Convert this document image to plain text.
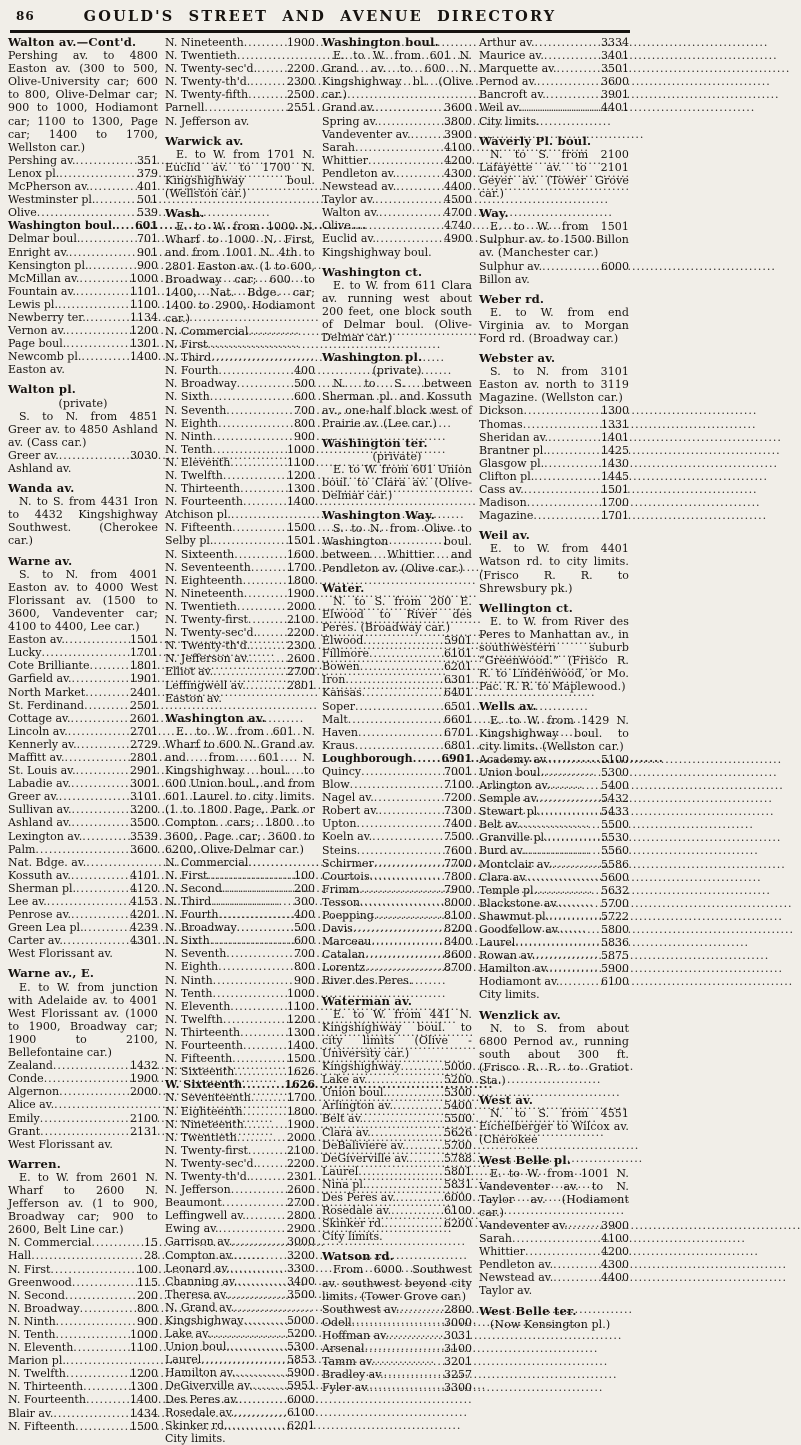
86	GOULD'S STREET AND AVENUE DIRECTORY
Walton av.—Cont'd.
Pershing av. to 4800 Easton av. (300 to 500, Olive-University car; 600 to 800, Olive-Delmar car; 900 to 1000, Hodiamont car; 1100 to 1300, Page car; 1400 to 1700, Wellston car.)
Pershing av. .....	351
Lenox pl. .....	379
McPherson av. .....	401
Westminster pl. .....	501
Olive .....	539
Washington boul. ..... 601
Delmar boul. .....	701
Enright av. .....	901
Kensington pl. .....	900
McMillan av. .....	1000
Fountain av. .....	1101
Lewis pl. .....	1100
Newberry ter. .....	1134
Vernon av. .....	1200
Page boul. .....	1301
Newcomb pl. .....	1400
Easton av.
Walton pl.
(private)
S. to N. from 4851 Greer av. to 4850 Ashland av. (Cass car.)
Greer av. .....	3030
Ashland av.
Wanda av.
N. to S. from 4431 Iron to 4432 Kingshighway Southwest. (Cherokee car.)
Warne av.
S. to N. from 4001 Easton av. to 4000 West Florissant av. (1500 to 3600, Vandeventer car; 4100 to 4400, Lee car.)
Easton av. .....	1501
Lucky .....	1701
Cote Brilliante .....	1801
Garfield av. .....	1901
North Market .....	2401
St. Ferdinand .....	2501
Cottage av. .....	2601
Lincoln av. .....	2701
Kennerly av. .....	2729
Maffitt av. .....	2801
St. Louis av. .....	2901
Labadie av. .....	3001
Greer av. .....	3101
Sullivan av. .....	3200
Ashland av. .....	3500
Lexington av. .....	3539
Palm .....	3600
Nat. Bdge. av.
.....
Kossuth av. .....	4101
Sherman pl. .....	4120
Lee av. .....	4153
Penrose av. .....	4201
Green Lea pl. .....	4239
Carter av. .....	4301
West Florissant av.
Warne av., E.
E. to W. from junction with Adelaide av. to 4001 West Florissant av. (1000 to 1900, Broadway car; 1900 to 2100, Bellefontaine car.)
Zealand .....	1432
Conde .....	1900
Algernon .....	2000
Alice av.
.....
Emily .....	2100
Grant .....	2131
West Florissant av.
Warren.
E. to W. from 2601 N. Wharf to 2600 N. Jefferson av. (1 to 900, Broadway car; 900 to 2600, Belt Line car.)
N. Commercial .....	15
Hall .....	28
N. First .....	100
Greenwood .....	115
N. Second .....	200
N. Broadway .....	800
N. Ninth .....	900
N. Tenth .....	1000
N. Eleventh .....	1100
Marion pl.
.....
N. Twelfth .....	1200
N. Thirteenth .....	1300
N. Fourteenth .....	1400
Blair av. .....	1434
N. Fifteenth .....	1500
N. Nineteenth .....	1900
N. Twentieth
.....
N. Twenty-sec'd. .....	2200
N. Twenty-th'd. .....	2300
N. Twenty-fifth .....	2500
Parnell .....	2551
N. Jefferson av.
Warwick av.
E. to W. from 1701 N. Euclid av. to 1700 N. Kingshighway boul. (Wellston car.)
Wash.
E. to W. from 1000 N. Wharf to 1000 N. First, and from 1001 N. 4th to 2801 Easton av. (1 to 600, Broadway car; 600 to 1400, Nat. Bdge. car; 1400 to 2900, Hodiamont car.)
N. Commercial
.....
N. First
.....
N. Third
.....
N. Fourth .....	400
N. Broadway .....	500
N. Sixth .....	600
N. Seventh .....	700
N. Eighth .....	800
N. Ninth .....	900
N. Tenth .....	1000
N. Eleventh .....	1100
N. Twelfth .....	1200
N. Thirteenth .....	1300
N. Fourteenth .....	1400
Atchison pl.
.....
N. Fifteenth .....	1500
Selby pl. .....	1501
N. Sixteenth .....	1600
N. Seventeenth .....	1700
N. Eighteenth .....	1800
N. Nineteenth .....	1900
N. Twentieth .....	2000
N. Twenty-first .....	2100
N. Twenty-sec'd. .....	2200
N. Twenty-th'd. .....	2300
N. Jefferson av. .....	2600
Elliot av. .....	2700
Leffingwell av. .....	2801
Easton av.
Washington av.
E. to W. from 601 N. Wharf to 600 N. Grand av. and from 601 N. Kingshighway boul. to 600 Union boul., and from 601 Laurel to city limits. (1 to 1800 Page, Park or Compton cars; 1800 to 3600, Page car; 3600 to 6200, Olive-Delmar car.)
N. Commercial
.....
N. First .....	100
N. Second .....	200
N. Third .....	300
N. Fourth .....	400
N. Broadway .....	500
N. Sixth .....	600
N. Seventh .....	700
N. Eighth .....	800
N. Ninth .....	900
N. Tenth .....	1000
N. Eleventh .....	1100
N. Twelfth .....	1200
N. Thirteenth .....	1300
N. Fourteenth .....	1400
N. Fifteenth .....	1500
N. Sixteenth .....	1626
W. Sixteenth .....	1626
N. Seventeenth .....	1700
N. Eighteenth .....	1800
N. Nineteenth .....	1900
N. Twentieth .....	2000
N. Twenty-first .....	2100
N. Twenty-sec'd. .....	2200
N. Twenty-th'd. .....	2301
N. Jefferson .....	2600
Beaumont .....	2700
Leffingwell av. .....	2800
Ewing av. .....	2900
Garrison av. .....	3000
Compton av. .....	3200
Leonard av. .....	3300
Channing av. .....	3400
Theresa av. .....	3500
N. Grand av.
.....
Kingshighway .....	5000
Lake av. .....	5200
Union boul. .....	5300
Laurel .....	5853
Hamilton av. .....	5900
DeGiverville av. .....	5951
Des Peres av. .....	6000
Rosedale av. .....	6100
Skinker rd. .....	6201
City limits.
Washington boul.
E. to W. from 601 N. Grand av. to 600 N. Kingshighway bl. (Olive car.)
Grand av. .....	3600
Spring av. .....	3800
Vandeventer av. .....	3900
Sarah .....	4100
Whittier .....	4200
Pendleton av. .....	4300
Newstead av. .....	4400
Taylor av. .....	4500
Walton av. .....	4700
Olive .....	4740
Euclid av. .....	4900
Kingshighway boul.
Washington ct.
E. to W. from 611 Clara av. running west about 200 feet, one block south of Delmar boul. (Olive-Delmar car.)
Washington pl.
(private)
N. to S. between Sherman pl. and Kossuth av., one-half block west of Prairie av. (Lee car.)
Washington ter.
(private)
E. to W. from 601 Union boul. to Clara av. (Olive-Delmar car.)
Washington Way.
S. to N. from Olive to Washington boul. between Whittier and Pendleton av. (Olive car.)
Water.
N. to S. from 200 E. Elwood to River des Peres. (Broadway car.)
Elwood .....	5901
Fillmore .....	6101
Bowen .....	6201
Iron .....	6301
Kansas .....	6401
Soper .....	6501
Malt .....	6601
Haven .....	6701
Kraus .....	6801
Loughborough .....	6901
Quincy .....	7001
Blow .....	7100
Nagel av. .....	7200
Robert av. .....	7300
Upton .....	7400
Koeln av. .....	7500
Steins .....	7600
Schirmer .....	7700
Courtois .....	7800
Frimm .....	7900
Tesson .....	8000
Poepping .....	8100
Davis .....	8200
Marceau .....	8400
Catalan .....	8600
Lorentz .....	8700
River des Peres.
Waterman av.
E. to W. from 441 N. Kingshighway boul. to city limits (Olive - University car.)
Kingshighway .....	5000
Lake av. .....	5200
Union boul. .....	5300
Arlington av. .....	5400
Belt av. .....	5500
Clara av. .....	5626
DeBaliviere av. .....	5700
DeGiverville av. .....	5788
Laurel .....	5801
Nina pl. .....	5831
Des Peres av. .....	6000
Rosedale av. .....	6100
Skinker rd. .....	6200
City limits.
Watson rd.
From 6000 Southwest av. southwest beyond city limits. (Tower Grove car.)
Southwest av. .....	2800
Odell .....	3000
Hoffman av. .....	3031
Arsenal .....	3100
Tamm av. .....	3201
Bradley av. .....	3257
Fyler av. .....	3300
Arthur av. .....	3334
Maurice av. .....	3401
Marquette av. .....	3501
Pernod av. .....	3600
Bancroft av. .....	3901
Weil av. .....	4401
City limits.
Waverly Pl. boul.
N. to S. from 2100 Lafayette av. to 2101 Geyer av. (Tower Grove car.)
Way.
E. to W. from 1501 Sulphur av. to 1500 Billon av. (Manchester car.)
Sulphur av. .....	6000
Billon av.
Weber rd.
E. to W. from end Virginia av. to Morgan Ford rd. (Broadway car.)
Webster av.
S. to N. from 3101 Easton av. north to 3119 Magazine. (Wellston car.)
Dickson .....	1300
Thomas .....	1331
Sheridan av. .....	1401
Brantner pl. .....	1425
Glasgow pl. .....	1430
Clifton pl. .....	1445
Cass av. .....	1501
Madison .....	1700
Magazine .....	1701
Weil av.
E. to W. from 4401 Watson rd. to city limits. (Frisco R. R. to Shrewsbury pk.)
Wellington ct.
E. to W. from River des Peres to Manhattan av., in southwestern suburb “Greenwood.” (Frisco R. R. to Lindenwood, or Mo. Pac. R. R. to Maplewood.)
Wells av.
E. to W. from 1429 N. Kingshighway boul. to city limits. (Wellston car.)
Academy av. .....	5100
Union boul. .....	5300
Arlington av. .....	5400
Semple av. .....	5432
Stewart pl. .....	5433
Belt av. .....	5500
Granville pl. .....	5530
Burd av. .....	5560
Montclair av. .....	5586
Clara av. .....	5600
Temple pl. .....	5632
Blackstone av. .....	5700
Shawmut pl. .....	5722
Goodfellow av. .....	5800
Laurel .....	5836
Rowan av. .....	5875
Hamilton av. .....	5900
Hodiamont av. .....	6100
City limits.
Wenzlick av.
N. to S. from about 6800 Pernod av., running south about 300 ft. (Frisco R. R. to Gratiot Sta.)
West av.
N. to S. from 4551 Eichelberger to Wilcox av. (Cherokee
West Belle pl.
E. to W. from 1001 N. Vandeventer av. to N. Taylor av. (Hodiamont car.)
Vandeventer av. .....	3900
Sarah .....	4100
Whittier .....	4200
Pendleton av. .....	4300
Newstead av. .....	4400
Taylor av.
West Belle ter.
(Now Kensington pl.)
